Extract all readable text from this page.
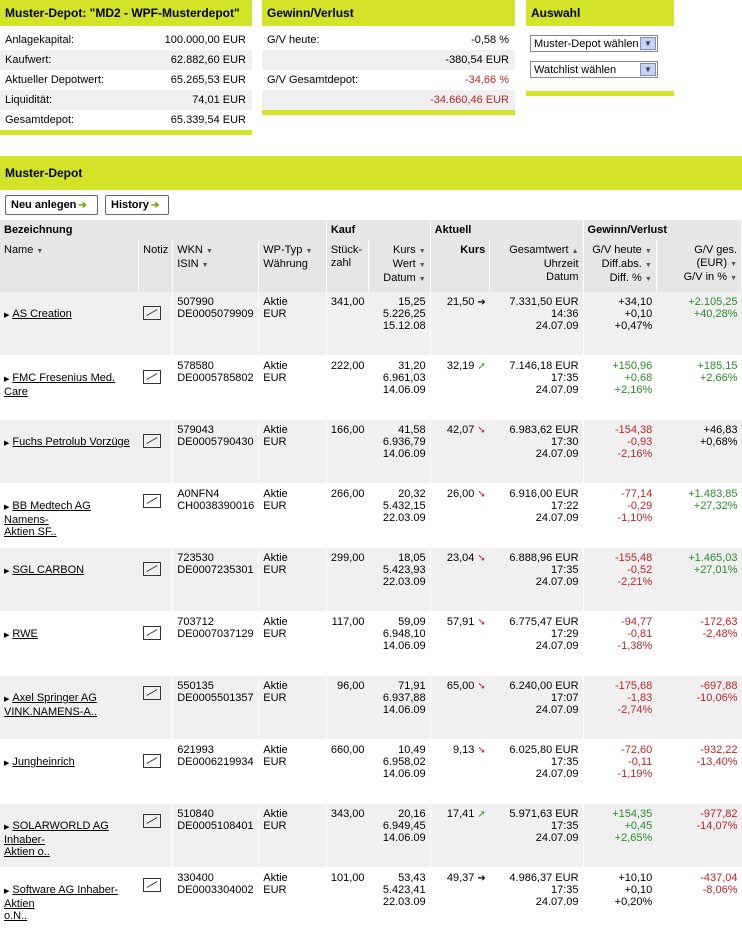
Muster-Depot: "MD2 - WPF-Musterdepot"
Anlagekapital:	100.000,00 EUR
Kaufwert:	62.882,60 EUR
Aktueller Depotwert:	65.265,53 EUR
Liquidität:	74,01 EUR
Gesamtdepot:	65.339,54 EUR
Gewinn/Verlust
G/V heute:	-0,58 %
-380,54 EUR
G/V Gesamtdepot:	-34,66 %
-34.660,46 EUR
Auswahl
Muster-Depot wählen ▼
Watchlist wählen	▼
Muster-Depot
Neu anlegen ➔	History ➔
Bezeichnung				Kauf		Aktuell		Gewinn/Verlust	
Name ▼	Notiz	WKN ▼
ISIN ▼	WP-Typ ▼
Währung	Stück-
zahl	Kurs ▼
Wert ▼
Datum ▼	Kurs	Gesamtwert ▲
Uhrzeit
Datum	G/V heute ▼
Diff.abs. ▼
Diff. % ▼	G/V ges.
(EUR) ▼
G/V in % ▼
▶ AS Creation		507990
DE0005079909	Aktie
EUR	341,00	15,25
5.226,25
15.12.08	21,50 ➔	7.331,50 EUR
14:36
24.07.09	+34,10
+0,10
+0,47%	+2.105,25
+40,28%
▶ FMC Fresenius Med. Care		578580
DE0005785802	Aktie
EUR	222,00	31,20
6.961,03
14.06.09	32,19 ➚	7.146,18 EUR
17:35
24.07.09	+150,96
+0,68
+2,16%	+185,15
+2,66%
▶ Fuchs Petrolub Vorzüge		579043
DE0005790430	Aktie
EUR	166,00	41,58
6.936,79
14.06.09	42,07 ➘	6.983,62 EUR
17:30
24.07.09	-154,38
-0,93
-2,16%	+46,83
+0,68%
▶ BB Medtech AG Namens-
Aktien SF..		A0NFN4
CH0038390016	Aktie
EUR	266,00	20,32
5.432,15
22.03.09	26,00 ➘	6.916,00 EUR
17:22
24.07.09	-77,14
-0,29
-1,10%	+1.483,85
+27,32%
▶ SGL CARBON		723530
DE0007235301	Aktie
EUR	299,00	18,05
5.423,93
22.03.09	23,04 ➘	6.888,96 EUR
17:35
24.07.09	-155,48
-0,52
-2,21%	+1.465,03
+27,01%
▶ RWE		703712
DE0007037129	Aktie
EUR	117,00	59,09
6.948,10
14.06.09	57,91 ➘	6.775,47 EUR
17:29
24.07.09	-94,77
-0,81
-1,38%	-172,63
-2,48%
▶ Axel Springer AG
VINK.NAMENS-A..		550135
DE0005501357	Aktie
EUR	96,00	71,91
6.937,88
14.06.09	65,00 ➘	6.240,00 EUR
17:07
24.07.09	-175,68
-1,83
-2,74%	-697,88
-10,06%
▶ Jungheinrich		621993
DE0006219934	Aktie
EUR	660,00	10,49
6.958,02
14.06.09	9,13 ➘	6.025,80 EUR
17:35
24.07.09	-72,60
-0,11
-1,19%	-932,22
-13,40%
▶ SOLARWORLD AG Inhaber-
Aktien o..		510840
DE0005108401	Aktie
EUR	343,00	20,16
6.949,45
14.06.09	17,41 ➚	5.971,63 EUR
17:35
24.07.09	+154,35
+0,45
+2,65%	-977,82
-14,07%
▶ Software AG Inhaber-Aktien
o.N..		330400
DE0003304002	Aktie
EUR	101,00	53,43
5.423,41
22.03.09	49,37 ➔	4.986,37 EUR
17:35
24.07.09	+10,10
+0,10
+0,20%	-437,04
-8,06%
